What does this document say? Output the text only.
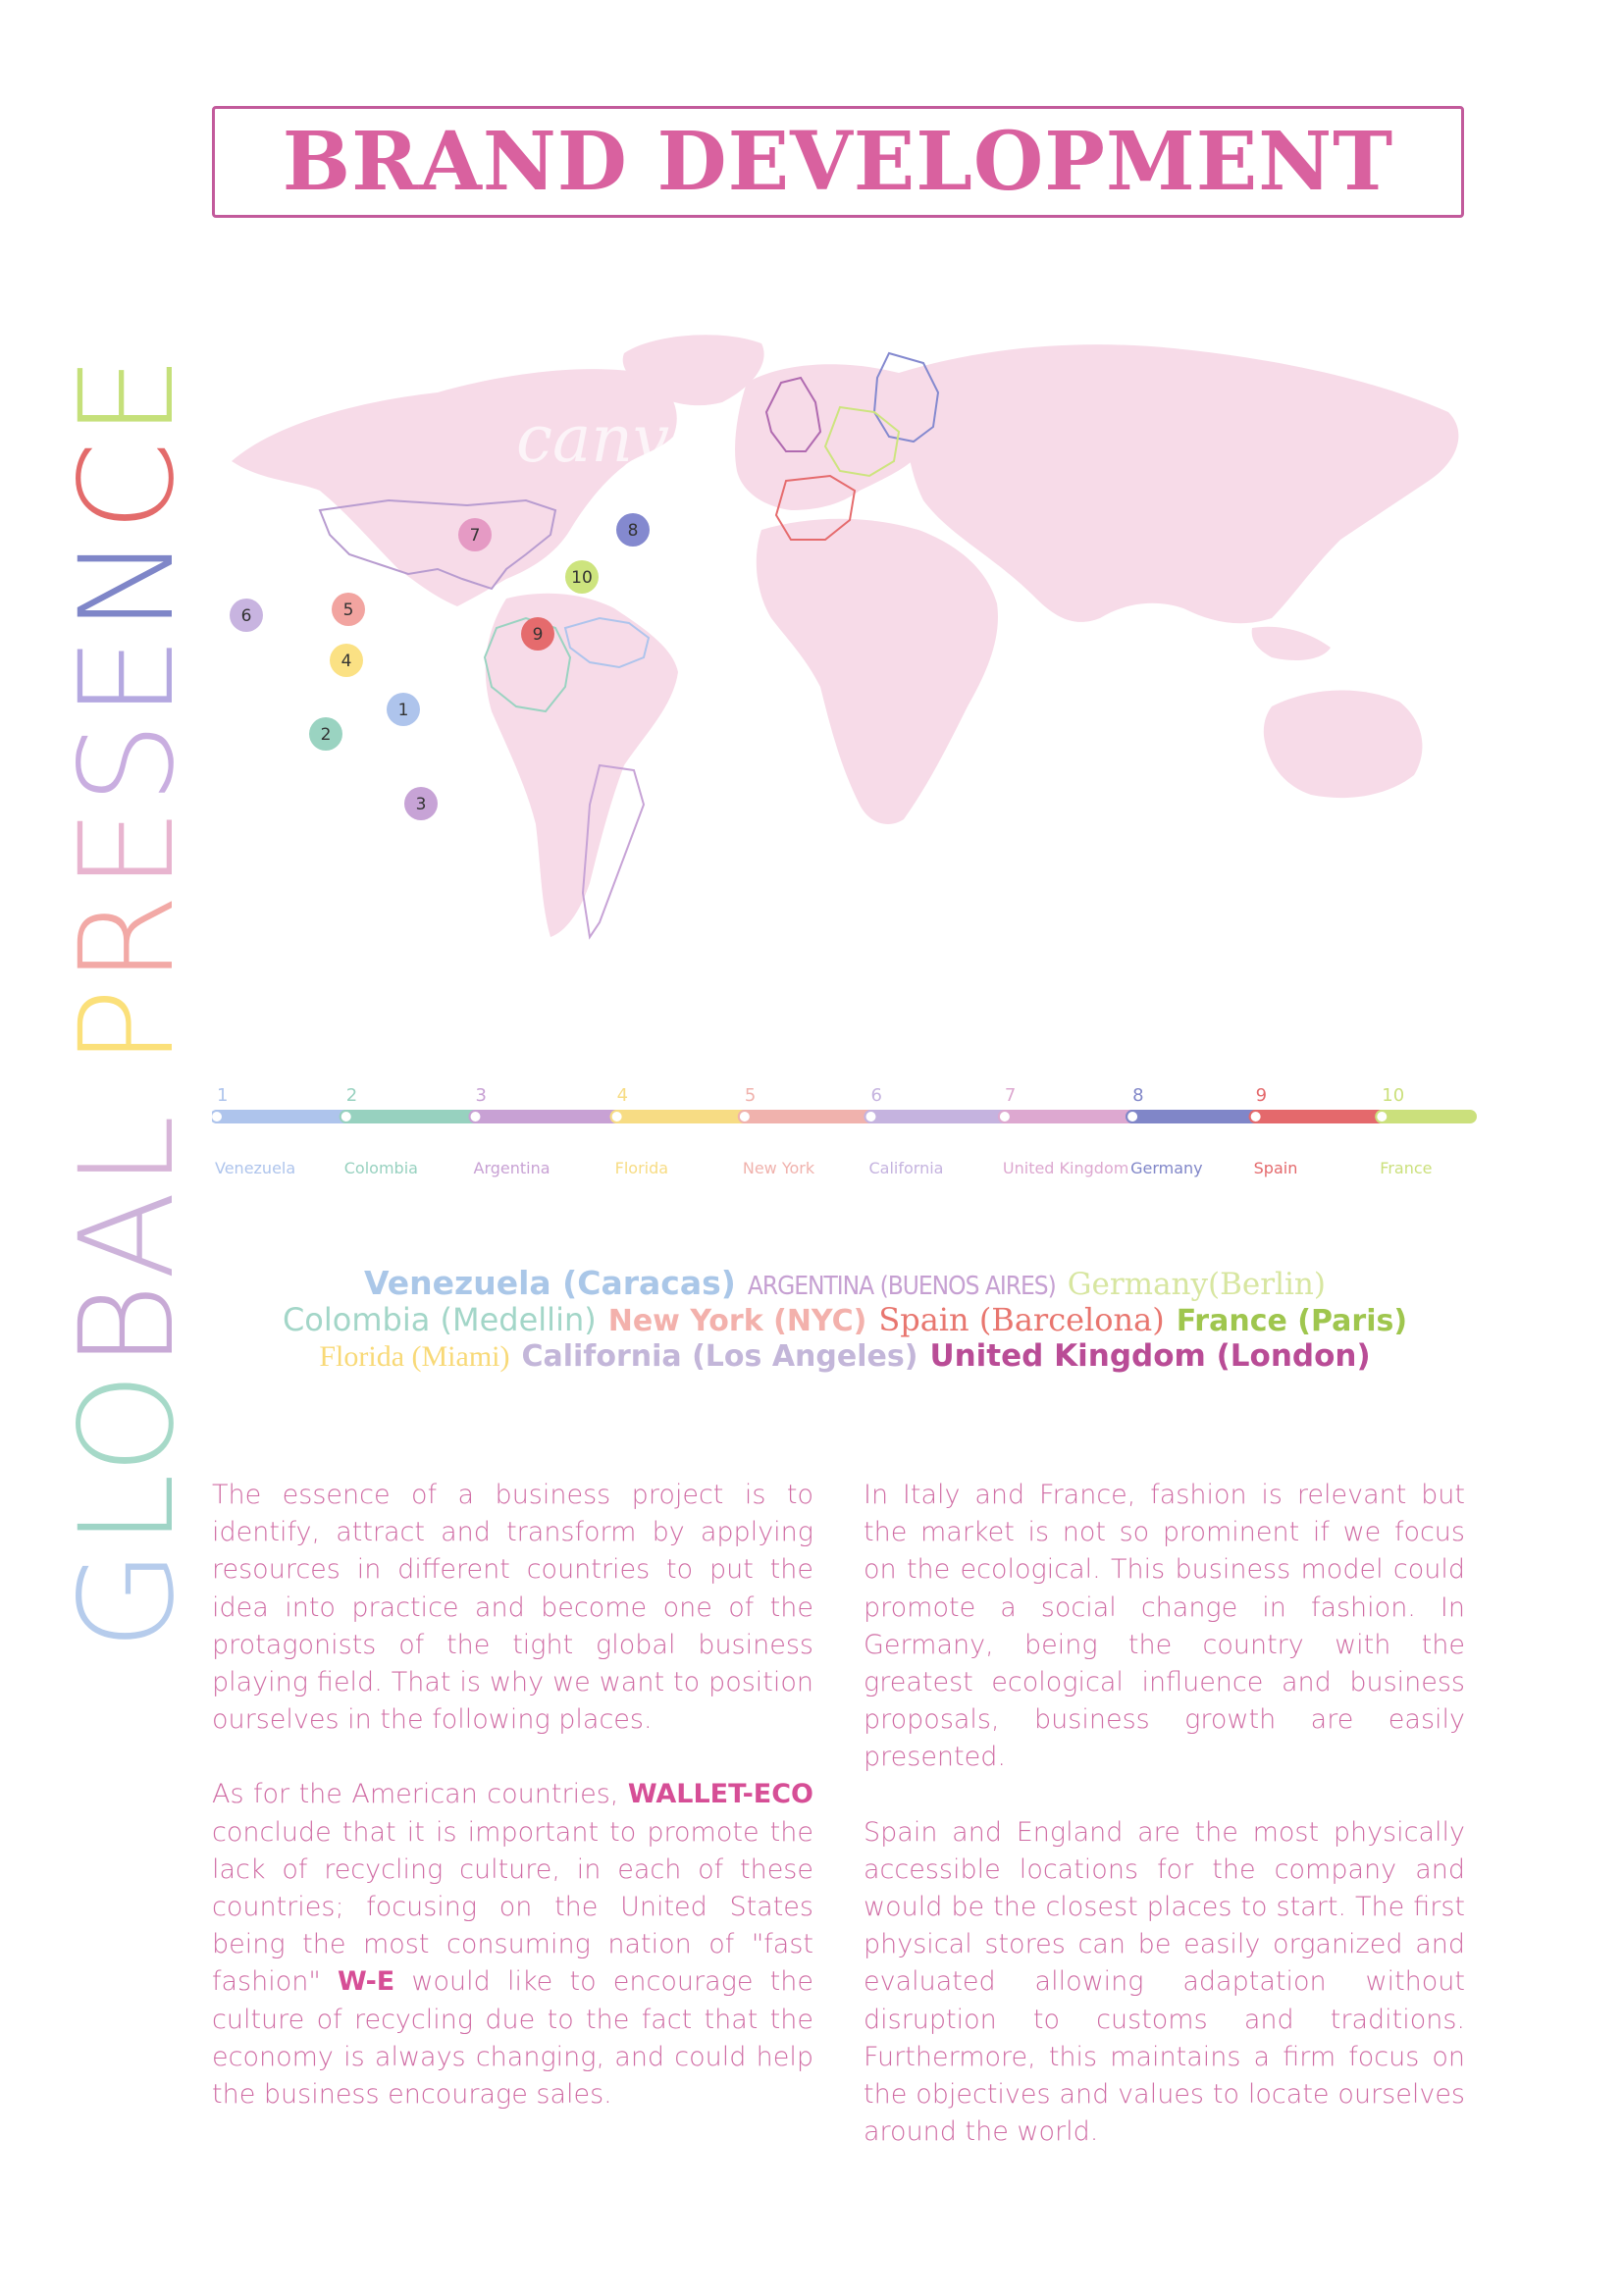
BRAND DEVELOPMENT
GLOBAL PRESENCE
canva
1
2
3
4
5
6
7	8
9
10
1
Venezuela
2
Colombia
3
Argentina
4
Florida
5
New York
6
California
7
United Kingdom
8
Germany
9
Spain
10
France
Venezuela (Caracas) ARGENTINA (BUENOS AIRES) Germany(Berlin)
Colombia (Medellin) New York (NYC) Spain (Barcelona) France (Paris)
Florida (Miami) California (Los Angeles) United Kingdom (London)

The essence of a business project is to identify, attract and transform by applying resources in different countries to put the idea into practice and become one of the protagonists of the tight global business playing field. That is why we want to position ourselves in the following places.

As for the American countries, WALLET-ECO conclude that it is important to promote the lack of recycling culture, in each of these countries; focusing on the United States being the most consuming nation of "fast fashion" W-E would like to encourage the culture of recycling due to the fact that the economy is always changing, and could help the business encourage sales.

In Italy and France, fashion is relevant but the market is not so prominent if we focus on the ecological. This business model could promote a social change in fashion. In Germany, being the country with the greatest ecological influence and business proposals, business growth are easily presented.

Spain and England are the most physically accessible locations for the company and would be the closest places to start. The first physical stores can be easily organized and evaluated allowing adaptation without disruption to customs and traditions. Furthermore, this maintains a firm focus on the objectives and values to locate ourselves around the world.
